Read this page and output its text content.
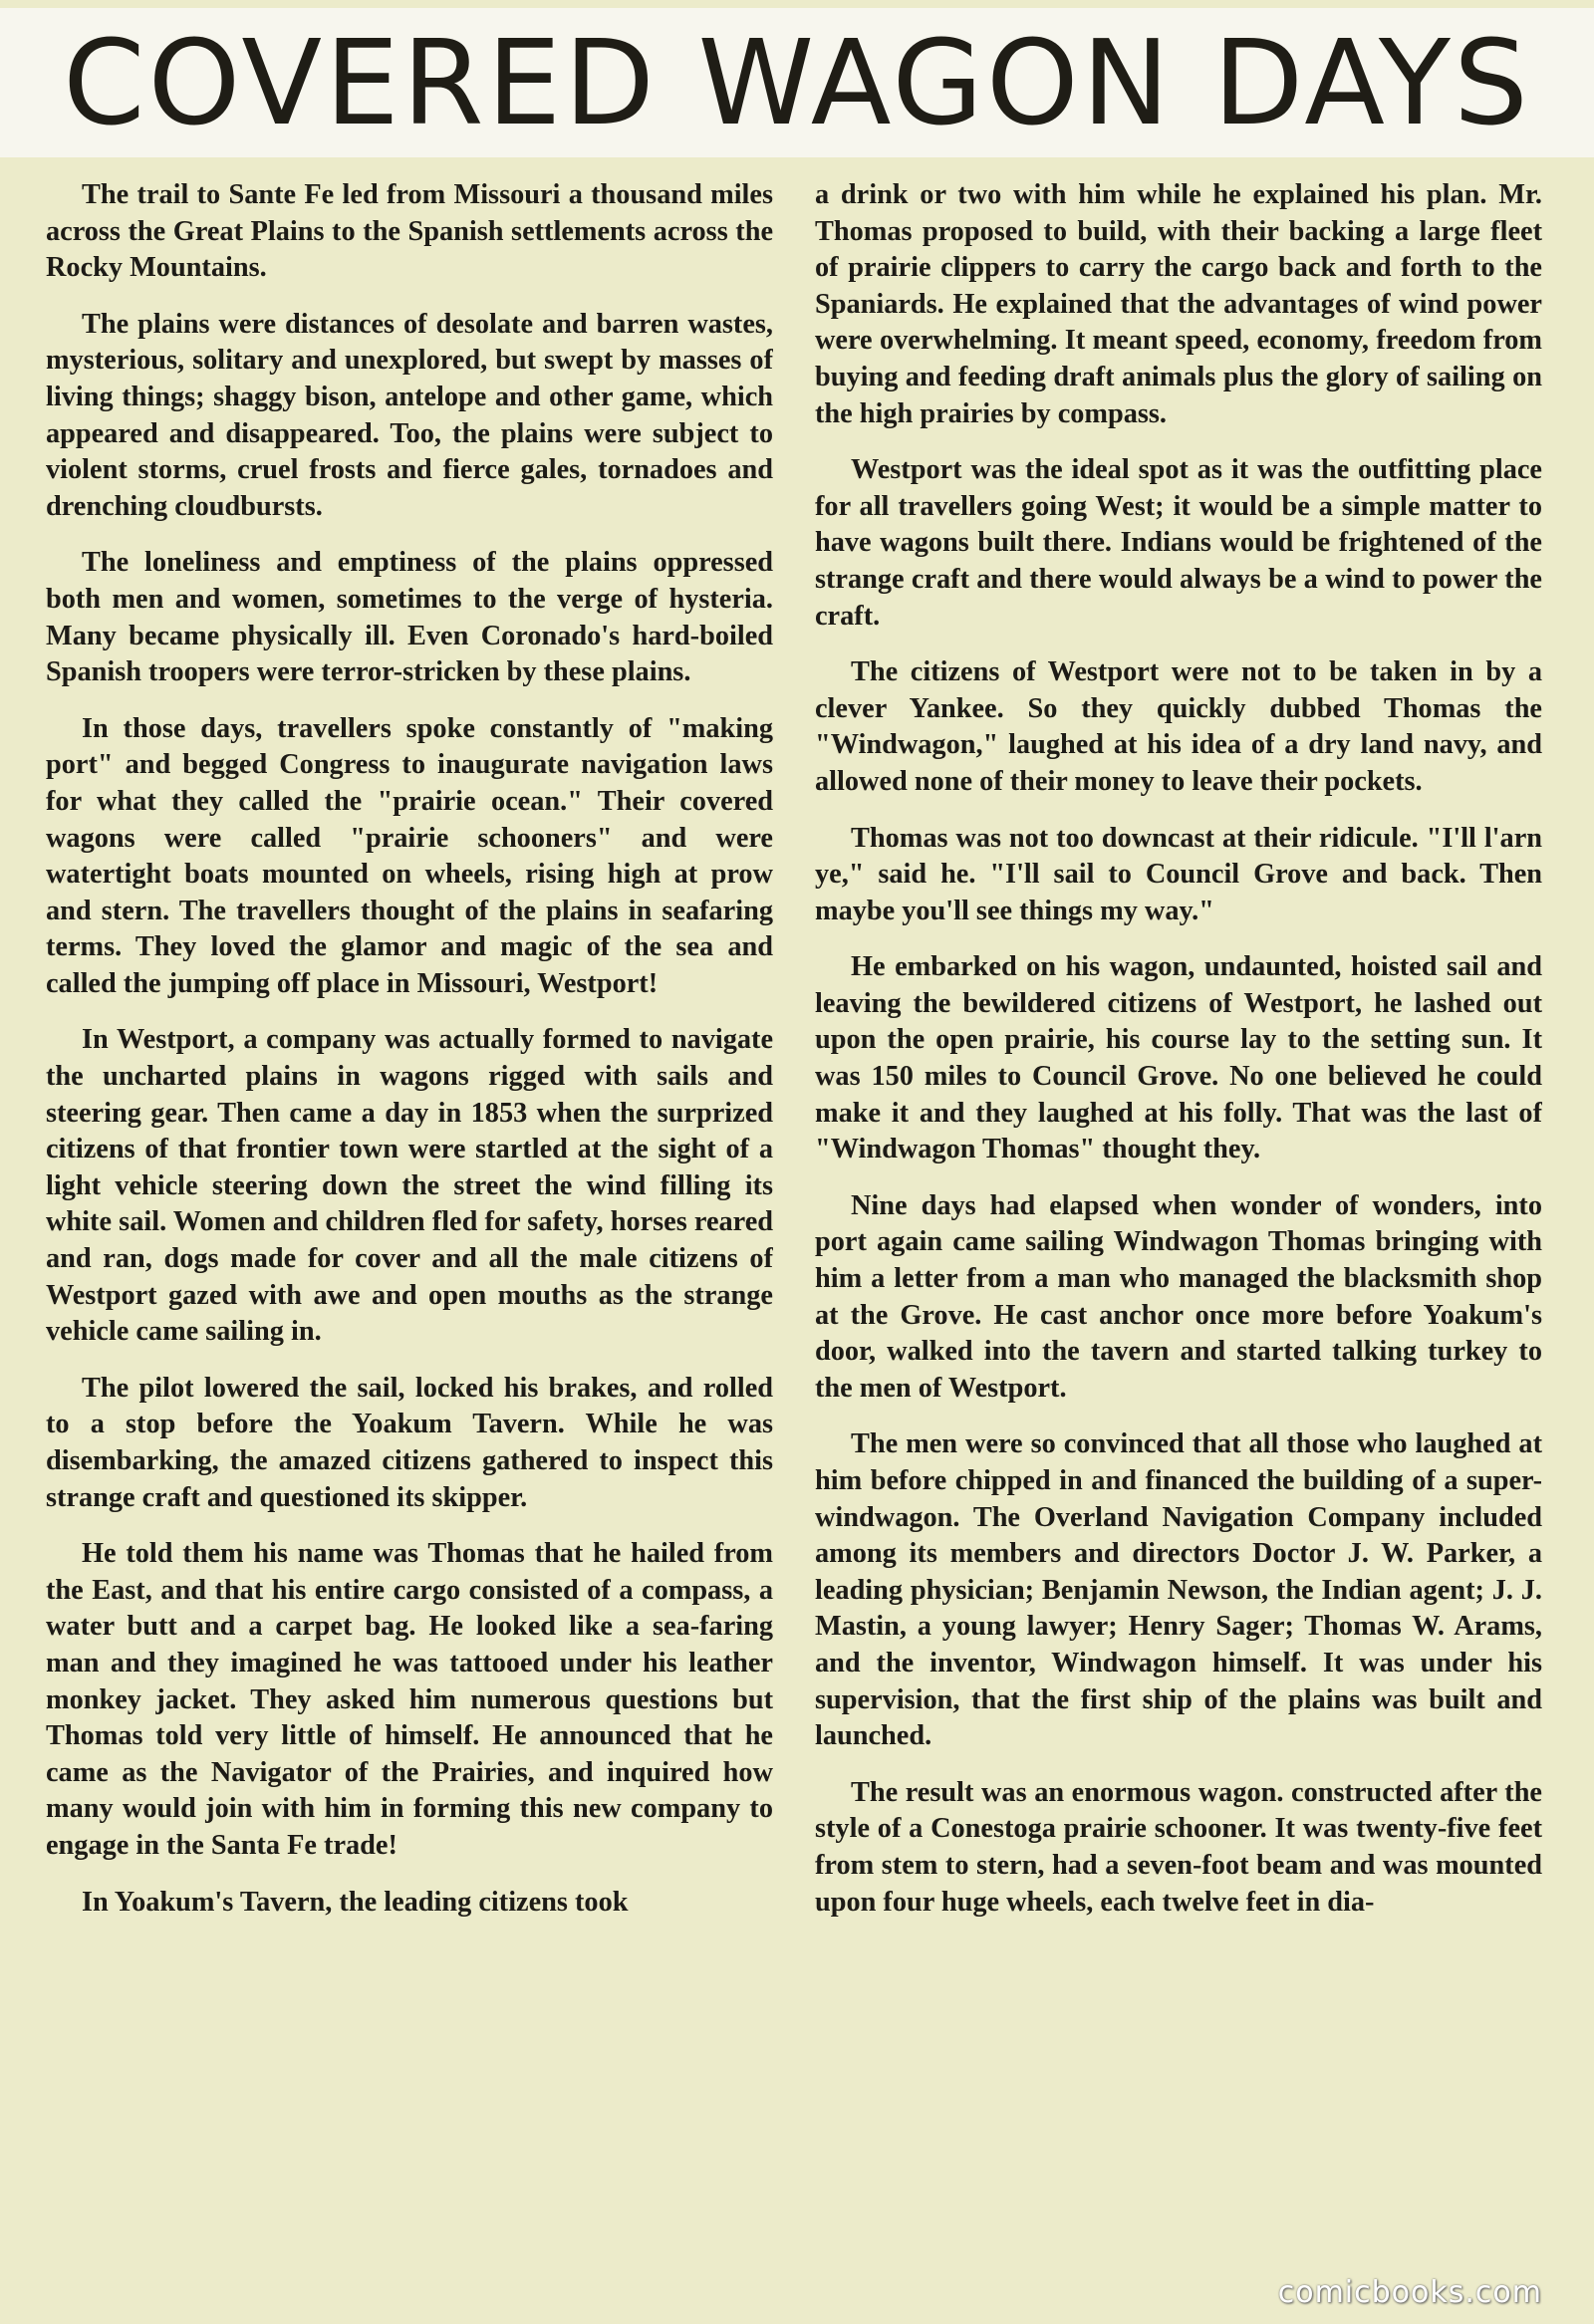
COVERED WAGON DAYS

The trail to Sante Fe led from Missouri a thousand miles across the Great Plains to the Spanish settlements across the Rocky Mountains.

The plains were distances of desolate and barren wastes, mysterious, solitary and unexplored, but swept by masses of living things; shaggy bison, antelope and other game, which appeared and disappeared. Too, the plains were subject to violent storms, cruel frosts and fierce gales, tornadoes and drenching cloudbursts.

The loneliness and emptiness of the plains oppressed both men and women, sometimes to the verge of hysteria. Many became physically ill. Even Coronado's hard-boiled Spanish troopers were terror-stricken by these plains.

In those days, travellers spoke constantly of "making port" and begged Congress to inaugurate navigation laws for what they called the "prairie ocean." Their covered wagons were called "prairie schooners" and were watertight boats mounted on wheels, rising high at prow and stern. The travellers thought of the plains in seafaring terms. They loved the glamor and magic of the sea and called the jumping off place in Missouri, Westport!

In Westport, a company was actually formed to navigate the uncharted plains in wagons rigged with sails and steering gear. Then came a day in 1853 when the surprized citizens of that frontier town were startled at the sight of a light vehicle steering down the street the wind filling its white sail. Women and children fled for safety, horses reared and ran, dogs made for cover and all the male citizens of Westport gazed with awe and open mouths as the strange vehicle came sailing in.

The pilot lowered the sail, locked his brakes, and rolled to a stop before the Yoakum Tavern. While he was disembarking, the amazed citizens gathered to inspect this strange craft and questioned its skipper.

He told them his name was Thomas that he hailed from the East, and that his entire cargo consisted of a compass, a water butt and a carpet bag. He looked like a sea-faring man and they imagined he was tattooed under his leather monkey jacket. They asked him numerous questions but Thomas told very little of himself. He announced that he came as the Navigator of the Prairies, and inquired how many would join with him in forming this new company to engage in the Santa Fe trade!

In Yoakum's Tavern, the leading citizens took

a drink or two with him while he explained his plan. Mr. Thomas proposed to build, with their backing a large fleet of prairie clippers to carry the cargo back and forth to the Spaniards. He explained that the advantages of wind power were overwhelming. It meant speed, economy, freedom from buying and feeding draft animals plus the glory of sailing on the high prairies by compass.

Westport was the ideal spot as it was the outfitting place for all travellers going West; it would be a simple matter to have wagons built there. Indians would be frightened of the strange craft and there would always be a wind to power the craft.

The citizens of Westport were not to be taken in by a clever Yankee. So they quickly dubbed Thomas the "Windwagon," laughed at his idea of a dry land navy, and allowed none of their money to leave their pockets.

Thomas was not too downcast at their ridicule. "I'll l'arn ye," said he. "I'll sail to Council Grove and back. Then maybe you'll see things my way."

He embarked on his wagon, undaunted, hoisted sail and leaving the bewildered citizens of Westport, he lashed out upon the open prairie, his course lay to the setting sun. It was 150 miles to Council Grove. No one believed he could make it and they laughed at his folly. That was the last of "Windwagon Thomas" thought they.

Nine days had elapsed when wonder of wonders, into port again came sailing Windwagon Thomas bringing with him a letter from a man who managed the blacksmith shop at the Grove. He cast anchor once more before Yoakum's door, walked into the tavern and started talking turkey to the men of Westport.

The men were so convinced that all those who laughed at him before chipped in and financed the building of a super-windwagon. The Overland Navigation Company included among its members and directors Doctor J. W. Parker, a leading physician; Benjamin Newson, the Indian agent; J. J. Mastin, a young lawyer; Henry Sager; Thomas W. Arams, and the inventor, Windwagon himself. It was under his supervision, that the first ship of the plains was built and launched.

The result was an enormous wagon. constructed after the style of a Conestoga prairie schooner. It was twenty-five feet from stem to stern, had a seven-foot beam and was mounted upon four huge wheels, each twelve feet in dia-

comicbooks.com
